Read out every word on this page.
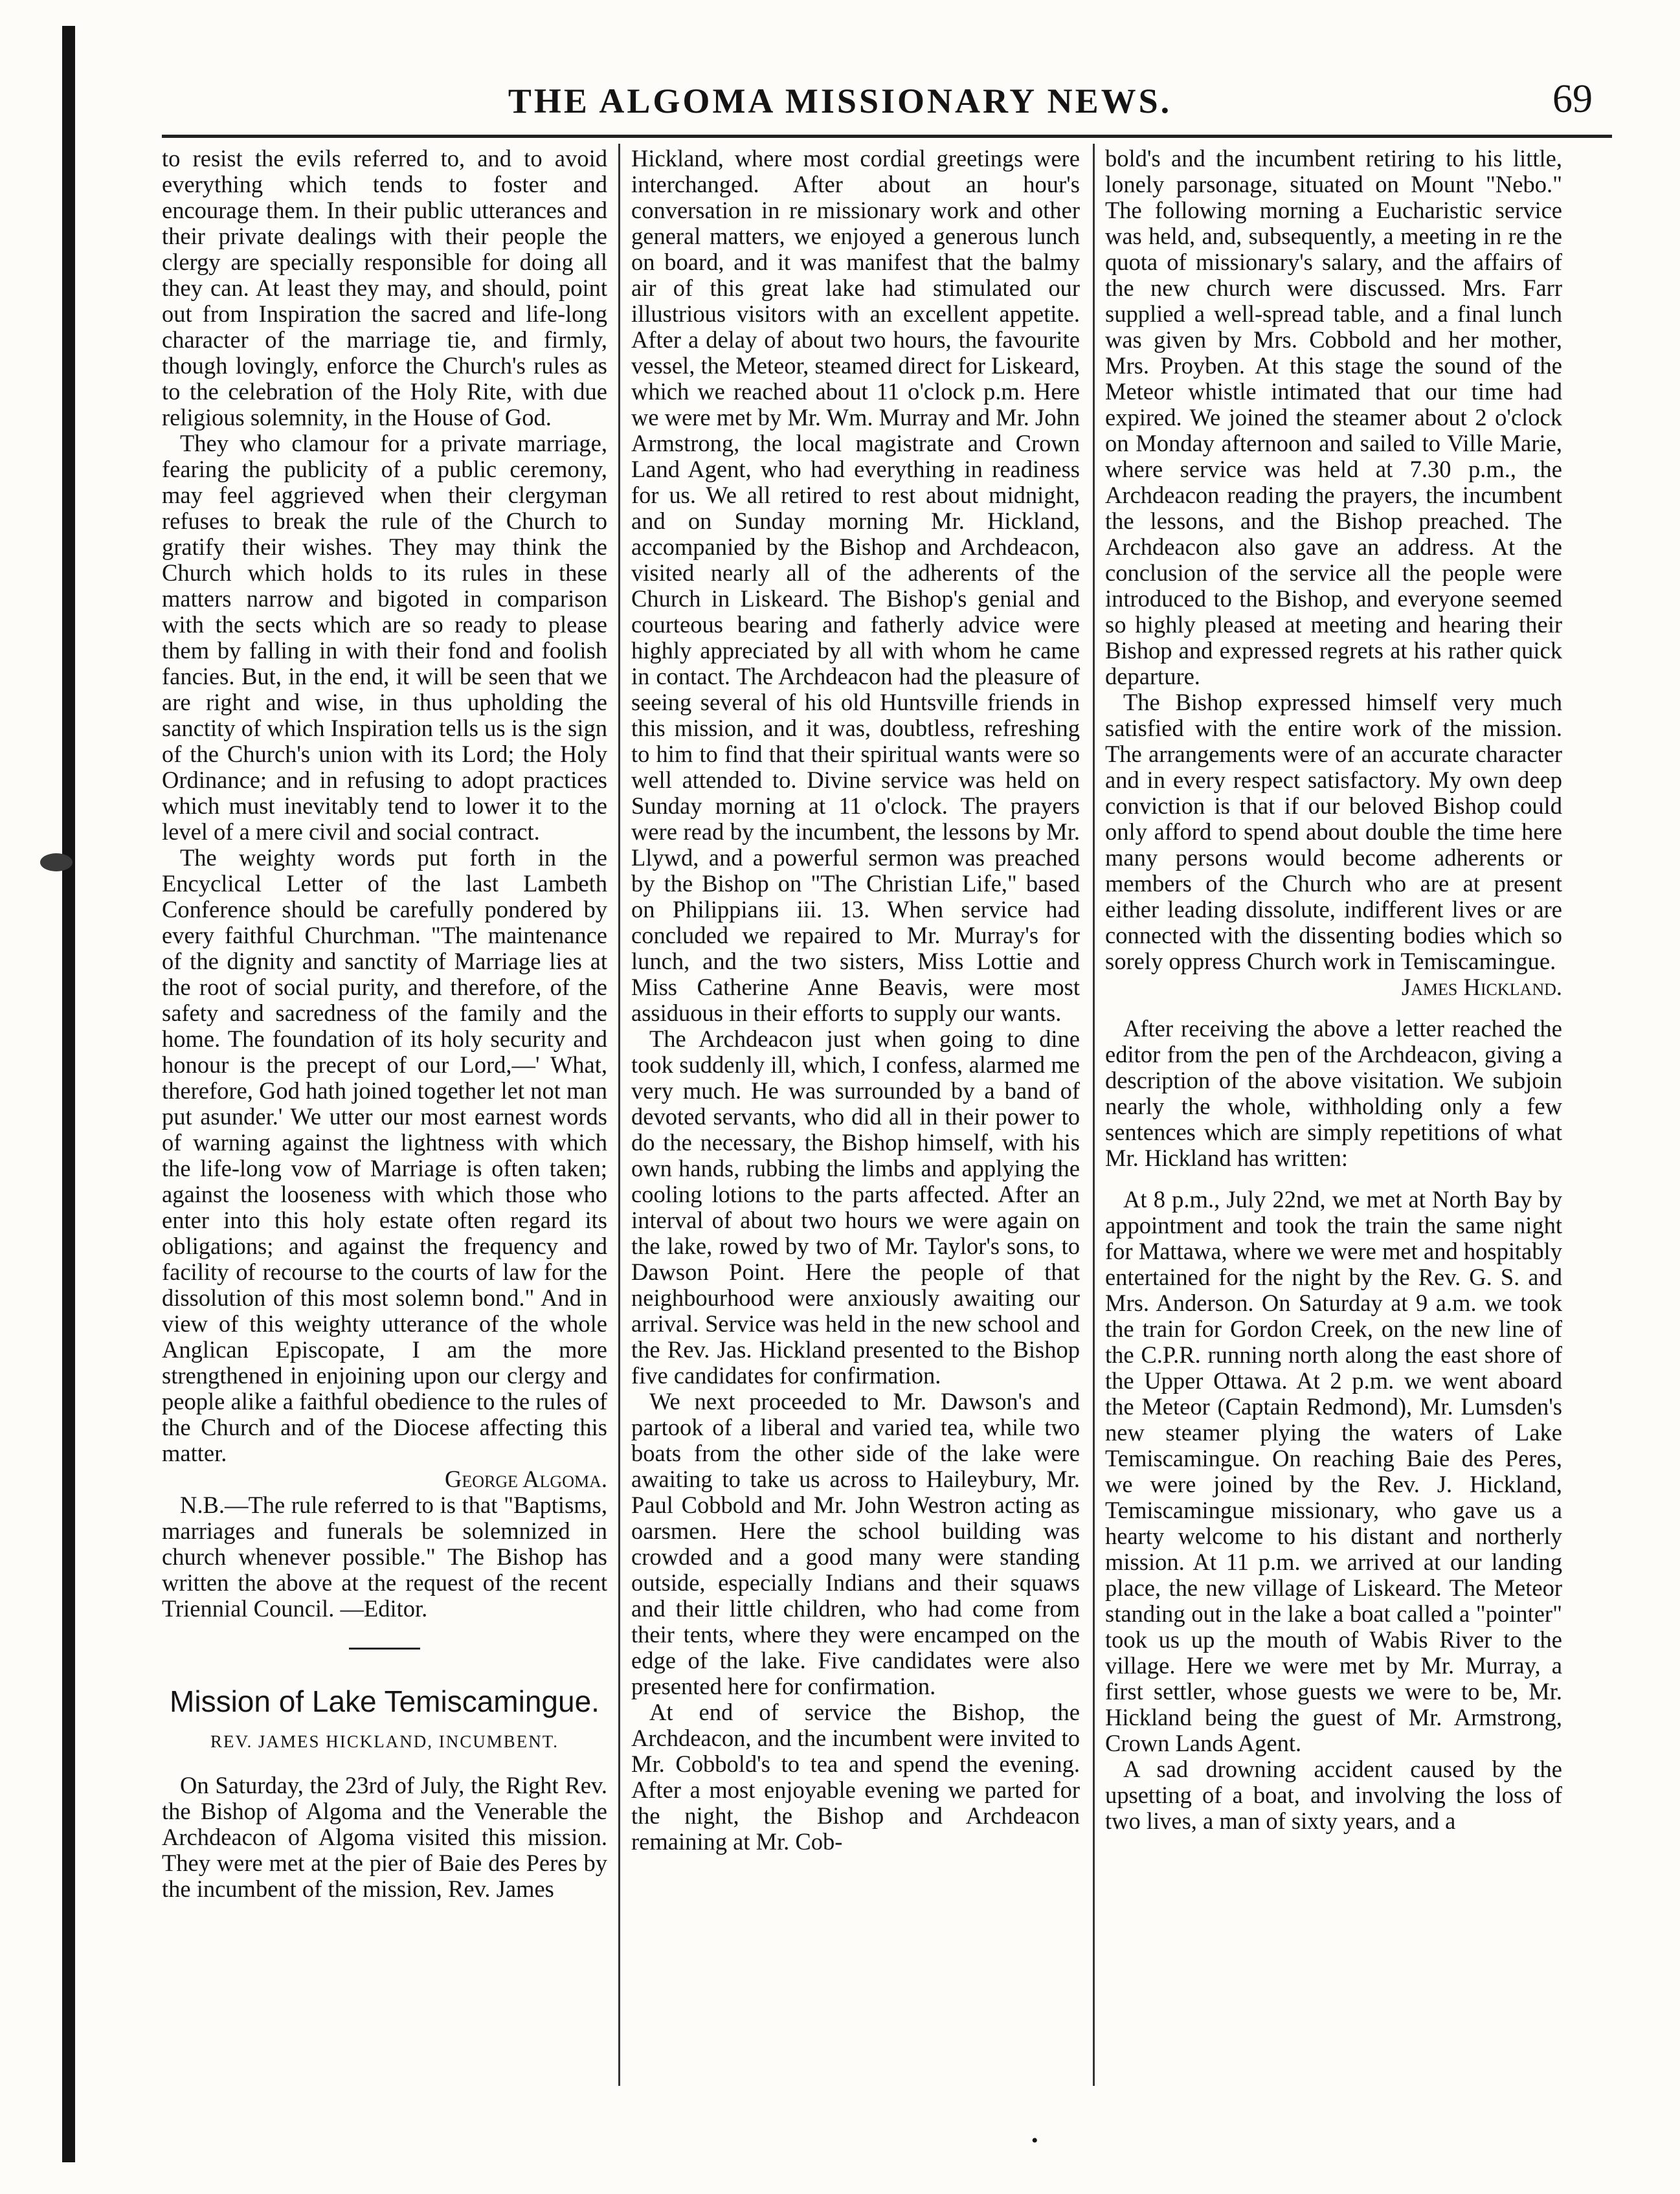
THE ALGOMA MISSIONARY NEWS.	69

to resist the evils referred to, and to avoid everything which tends to foster and encourage them. In their public utterances and their private dealings with their people the clergy are specially responsible for doing all they can. At least they may, and should, point out from Inspiration the sacred and life-long character of the marriage tie, and firmly, though lovingly, enforce the Church's rules as to the celebration of the Holy Rite, with due religious solemnity, in the House of God.

They who clamour for a private marriage, fearing the publicity of a public ceremony, may feel aggrieved when their clergyman refuses to break the rule of the Church to gratify their wishes. They may think the Church which holds to its rules in these matters narrow and bigoted in comparison with the sects which are so ready to please them by falling in with their fond and foolish fancies. But, in the end, it will be seen that we are right and wise, in thus upholding the sanctity of which Inspiration tells us is the sign of the Church's union with its Lord; the Holy Ordinance; and in refusing to adopt practices which must inevitably tend to lower it to the level of a mere civil and social contract.

The weighty words put forth in the Encyclical Letter of the last Lambeth Conference should be carefully pondered by every faithful Churchman. "The maintenance of the dignity and sanctity of Marriage lies at the root of social purity, and therefore, of the safety and sacredness of the family and the home. The foundation of its holy security and honour is the precept of our Lord,—' What, therefore, God hath joined together let not man put asunder.' We utter our most earnest words of warning against the lightness with which the life-long vow of Marriage is often taken; against the looseness with which those who enter into this holy estate often regard its obligations; and against the frequency and facility of recourse to the courts of law for the dissolution of this most solemn bond." And in view of this weighty utterance of the whole Anglican Episcopate, I am the more strengthened in enjoining upon our clergy and people alike a faithful obedience to the rules of the Church and of the Diocese affecting this matter.

George Algoma.

N.B.—The rule referred to is that "Baptisms, marriages and funerals be solemnized in church whenever possible." The Bishop has written the above at the request of the recent Triennial Council. —Editor.

Mission of Lake Temiscamingue.
REV. JAMES HICKLAND, INCUMBENT.

On Saturday, the 23rd of July, the Right Rev. the Bishop of Algoma and the Venerable the Archdeacon of Algoma visited this mission. They were met at the pier of Baie des Peres by the incumbent of the mission, Rev. James

Hickland, where most cordial greetings were interchanged. After about an hour's conversation in re missionary work and other general matters, we enjoyed a generous lunch on board, and it was manifest that the balmy air of this great lake had stimulated our illustrious visitors with an excellent appetite. After a delay of about two hours, the favourite vessel, the Meteor, steamed direct for Liskeard, which we reached about 11 o'clock p.m. Here we were met by Mr. Wm. Murray and Mr. John Armstrong, the local magistrate and Crown Land Agent, who had everything in readiness for us. We all retired to rest about midnight, and on Sunday morning Mr. Hickland, accompanied by the Bishop and Archdeacon, visited nearly all of the adherents of the Church in Liskeard. The Bishop's genial and courteous bearing and fatherly advice were highly appreciated by all with whom he came in contact. The Archdeacon had the pleasure of seeing several of his old Huntsville friends in this mission, and it was, doubtless, refreshing to him to find that their spiritual wants were so well attended to. Divine service was held on Sunday morning at 11 o'clock. The prayers were read by the incumbent, the lessons by Mr. Llywd, and a powerful sermon was preached by the Bishop on "The Christian Life," based on Philippians iii. 13. When service had concluded we repaired to Mr. Murray's for lunch, and the two sisters, Miss Lottie and Miss Catherine Anne Beavis, were most assiduous in their efforts to supply our wants.

The Archdeacon just when going to dine took suddenly ill, which, I confess, alarmed me very much. He was surrounded by a band of devoted servants, who did all in their power to do the necessary, the Bishop himself, with his own hands, rubbing the limbs and applying the cooling lotions to the parts affected. After an interval of about two hours we were again on the lake, rowed by two of Mr. Taylor's sons, to Dawson Point. Here the people of that neighbourhood were anxiously awaiting our arrival. Service was held in the new school and the Rev. Jas. Hickland presented to the Bishop five candidates for confirmation.

We next proceeded to Mr. Dawson's and partook of a liberal and varied tea, while two boats from the other side of the lake were awaiting to take us across to Haileybury, Mr. Paul Cobbold and Mr. John Westron acting as oarsmen. Here the school building was crowded and a good many were standing outside, especially Indians and their squaws and their little children, who had come from their tents, where they were encamped on the edge of the lake. Five candidates were also presented here for confirmation.

At end of service the Bishop, the Archdeacon, and the incumbent were invited to Mr. Cobbold's to tea and spend the evening. After a most enjoyable evening we parted for the night, the Bishop and Archdeacon remaining at Mr. Cob-

bold's and the incumbent retiring to his little, lonely parsonage, situated on Mount "Nebo." The following morning a Eucharistic service was held, and, subsequently, a meeting in re the quota of missionary's salary, and the affairs of the new church were discussed. Mrs. Farr supplied a well-spread table, and a final lunch was given by Mrs. Cobbold and her mother, Mrs. Proyben. At this stage the sound of the Meteor whistle intimated that our time had expired. We joined the steamer about 2 o'clock on Monday afternoon and sailed to Ville Marie, where service was held at 7.30 p.m., the Archdeacon reading the prayers, the incumbent the lessons, and the Bishop preached. The Archdeacon also gave an address. At the conclusion of the service all the people were introduced to the Bishop, and everyone seemed so highly pleased at meeting and hearing their Bishop and expressed regrets at his rather quick departure.

The Bishop expressed himself very much satisfied with the entire work of the mission. The arrangements were of an accurate character and in every respect satisfactory. My own deep conviction is that if our beloved Bishop could only afford to spend about double the time here many persons would become adherents or members of the Church who are at present either leading dissolute, indifferent lives or are connected with the dissenting bodies which so sorely oppress Church work in Temiscamingue.

James Hickland.

After receiving the above a letter reached the editor from the pen of the Archdeacon, giving a description of the above visitation. We subjoin nearly the whole, withholding only a few sentences which are simply repetitions of what Mr. Hickland has written:

At 8 p.m., July 22nd, we met at North Bay by appointment and took the train the same night for Mattawa, where we were met and hospitably entertained for the night by the Rev. G. S. and Mrs. Anderson. On Saturday at 9 a.m. we took the train for Gordon Creek, on the new line of the C.P.R. running north along the east shore of the Upper Ottawa. At 2 p.m. we went aboard the Meteor (Captain Redmond), Mr. Lumsden's new steamer plying the waters of Lake Temiscamingue. On reaching Baie des Peres, we were joined by the Rev. J. Hickland, Temiscamingue missionary, who gave us a hearty welcome to his distant and northerly mission. At 11 p.m. we arrived at our landing place, the new village of Liskeard. The Meteor standing out in the lake a boat called a "pointer" took us up the mouth of Wabis River to the village. Here we were met by Mr. Murray, a first settler, whose guests we were to be, Mr. Hickland being the guest of Mr. Armstrong, Crown Lands Agent.

A sad drowning accident caused by the upsetting of a boat, and involving the loss of two lives, a man of sixty years, and a

•
